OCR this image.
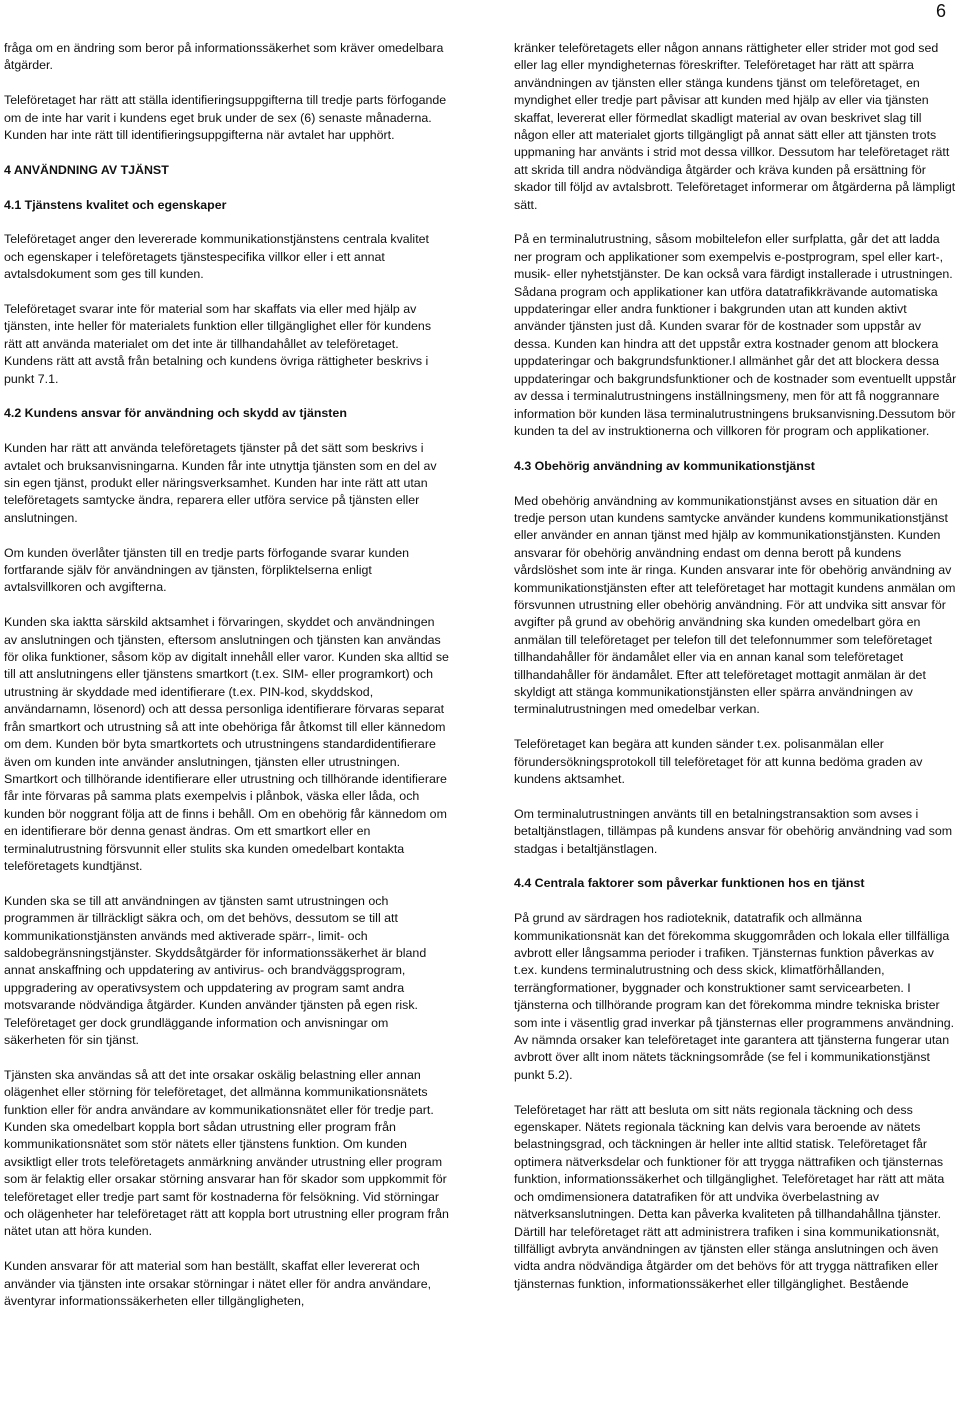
6

fråga om en ändring som beror på informationssäkerhet som kräver omedelbara åtgärder.

Teleföretaget har rätt att ställa identifieringsuppgifterna till tredje parts förfogande om de inte har varit i kundens eget bruk under de sex (6) senaste månaderna. Kunden har inte rätt till identifieringsuppgifterna när avtalet har upphört.

4 ANVÄNDNING AV TJÄNST
4.1 Tjänstens kvalitet och egenskaper

Teleföretaget anger den levererade kommunikationstjänstens centrala kvalitet och egenskaper i teleföretagets tjänstespecifika villkor eller i ett annat avtalsdokument som ges till kunden.

Teleföretaget svarar inte för material som har skaffats via eller med hjälp av tjänsten, inte heller för materialets funktion eller tillgänglighet eller för kundens rätt att använda materialet om det inte är tillhandahållet av teleföretaget. Kundens rätt att avstå från betalning och kundens övriga rättigheter beskrivs i punkt 7.1.

4.2 Kundens ansvar för användning och skydd av tjänsten

Kunden har rätt att använda teleföretagets tjänster på det sätt som beskrivs i avtalet och bruksanvisningarna. Kunden får inte utnyttja tjänsten som en del av sin egen tjänst, produkt eller näringsverksamhet. Kunden har inte rätt att utan teleföretagets samtycke ändra, reparera eller utföra service på tjänsten eller anslutningen.

Om kunden överlåter tjänsten till en tredje parts förfogande svarar kunden fortfarande själv för användningen av tjänsten, förpliktelserna enligt avtalsvillkoren och avgifterna.

Kunden ska iaktta särskild aktsamhet i förvaringen, skyddet och användningen av anslutningen och tjänsten, eftersom anslutningen och tjänsten kan användas för olika funktioner, såsom köp av digitalt innehåll eller varor. Kunden ska alltid se till att anslutningens eller tjänstens smartkort (t.ex. SIM- eller programkort) och utrustning är skyddade med identifierare (t.ex. PIN-kod, skyddskod, användarnamn, lösenord) och att dessa personliga identifierare förvaras separat från smartkort och utrustning så att inte obehöriga får åtkomst till eller kännedom om dem. Kunden bör byta smartkortets och utrustningens standardidentifierare även om kunden inte använder anslutningen, tjänsten eller utrustningen. Smartkort och tillhörande identifierare eller utrustning och tillhörande identifierare får inte förvaras på samma plats exempelvis i plånbok, väska eller låda, och kunden bör noggrant följa att de finns i behåll. Om en obehörig får kännedom om en identifierare bör denna genast ändras. Om ett smartkort eller en terminalutrustning försvunnit eller stulits ska kunden omedelbart kontakta teleföretagets kundtjänst.

Kunden ska se till att användningen av tjänsten samt utrustningen och programmen är tillräckligt säkra och, om det behövs, dessutom se till att kommunikationstjänsten används med aktiverade spärr-, limit- och saldobegränsningstjänster. Skyddsåtgärder för informationssäkerhet är bland annat anskaffning och uppdatering av antivirus- och brandväggsprogram, uppgradering av operativsystem och uppdatering av program samt andra motsvarande nödvändiga åtgärder. Kunden använder tjänsten på egen risk. Teleföretaget ger dock grundläggande information och anvisningar om säkerheten för sin tjänst.

Tjänsten ska användas så att det inte orsakar oskälig belastning eller annan olägenhet eller störning för teleföretaget, det allmänna kommunikationsnätets funktion eller för andra användare av kommunikationsnätet eller för tredje part. Kunden ska omedelbart koppla bort sådan utrustning eller program från kommunikationsnätet som stör nätets eller tjänstens funktion. Om kunden avsiktligt eller trots teleföretagets anmärkning använder utrustning eller program som är felaktig eller orsakar störning ansvarar han för skador som uppkommit för teleföretaget eller tredje part samt för kostnaderna för felsökning. Vid störningar och olägenheter har teleföretaget rätt att koppla bort utrustning eller program från nätet utan att höra kunden.

Kunden ansvarar för att material som han beställt, skaffat eller levererat och använder via tjänsten inte orsakar störningar i nätet eller för andra användare, äventyrar informationssäkerheten eller tillgängligheten,

kränker teleföretagets eller någon annans rättigheter eller strider mot god sed eller lag eller myndigheternas föreskrifter. Teleföretaget har rätt att spärra användningen av tjänsten eller stänga kundens tjänst om teleföretaget, en myndighet eller tredje part påvisar att kunden med hjälp av eller via tjänsten skaffat, levererat eller förmedlat skadligt material av ovan beskrivet slag till någon eller att materialet gjorts tillgängligt på annat sätt eller att tjänsten trots uppmaning har använts i strid mot dessa villkor. Dessutom har teleföretaget rätt att skrida till andra nödvändiga åtgärder och kräva kunden på ersättning för skador till följd av avtalsbrott. Teleföretaget informerar om åtgärderna på lämpligt sätt.

På en terminalutrustning, såsom mobiltelefon eller surfplatta, går det att ladda ner program och applikationer som exempelvis e-postprogram, spel eller kart-, musik- eller nyhetstjänster. De kan också vara färdigt installerade i utrustningen. Sådana program och applikationer kan utföra datatrafikkrävande automatiska uppdateringar eller andra funktioner i bakgrunden utan att kunden aktivt använder tjänsten just då. Kunden svarar för de kostnader som uppstår av dessa. Kunden kan hindra att det uppstår extra kostnader genom att blockera uppdateringar och bakgrundsfunktioner.I allmänhet går det att blockera dessa uppdateringar och bakgrundsfunktioner och de kostnader som eventuellt uppstår av dessa i terminalutrustningens inställningsmeny, men för att få noggrannare information bör kunden läsa terminalutrustningens bruksanvisning.Dessutom bör kunden ta del av instruktionerna och villkoren för program och applikationer.

4.3 Obehörig användning av kommunikationstjänst

Med obehörig användning av kommunikationstjänst avses en situation där en tredje person utan kundens samtycke använder kundens kommunikationstjänst eller använder en annan tjänst med hjälp av kommunikationstjänsten. Kunden ansvarar för obehörig användning endast om denna berott på kundens vårdslöshet som inte är ringa. Kunden ansvarar inte för obehörig användning av kommunikationstjänsten efter att teleföretaget har mottagit kundens anmälan om försvunnen utrustning eller obehörig användning. För att undvika sitt ansvar för avgifter på grund av obehörig användning ska kunden omedelbart göra en anmälan till teleföretaget per telefon till det telefonnummer som teleföretaget tillhandahåller för ändamålet eller via en annan kanal som teleföretaget tillhandahåller för ändamålet. Efter att teleföretaget mottagit anmälan är det skyldigt att stänga kommunikationstjänsten eller spärra användningen av terminalutrustningen med omedelbar verkan.

Teleföretaget kan begära att kunden sänder t.ex. polisanmälan eller förundersökningsprotokoll till teleföretaget för att kunna bedöma graden av kundens aktsamhet.

Om terminalutrustningen använts till en betalningstransaktion som avses i betaltjänstlagen, tillämpas på kundens ansvar för obehörig användning vad som stadgas i betaltjänstlagen.

4.4 Centrala faktorer som påverkar funktionen hos en tjänst

På grund av särdragen hos radioteknik, datatrafik och allmänna kommunikationsnät kan det förekomma skuggområden och lokala eller tillfälliga avbrott eller långsamma perioder i trafiken. Tjänsternas funktion påverkas av t.ex. kundens terminalutrustning och dess skick, klimatförhållanden, terrängformationer, byggnader och konstruktioner samt servicearbeten. I tjänsterna och tillhörande program kan det förekomma mindre tekniska brister som inte i väsentlig grad inverkar på tjänsternas eller programmens användning. Av nämnda orsaker kan teleföretaget inte garantera att tjänsterna fungerar utan avbrott över allt inom nätets täckningsområde (se fel i kommunikationstjänst punkt 5.2).

Teleföretaget har rätt att besluta om sitt näts regionala täckning och dess egenskaper. Nätets regionala täckning kan delvis vara beroende av nätets belastningsgrad, och täckningen är heller inte alltid statisk. Teleföretaget får optimera nätverksdelar och funktioner för att trygga nättrafiken och tjänsternas funktion, informationssäkerhet och tillgänglighet. Teleföretaget har rätt att mäta och omdimensionera datatrafiken för att undvika överbelastning av nätverksanslutningen. Detta kan påverka kvaliteten på tillhandahållna tjänster. Därtill har teleföretaget rätt att administrera trafiken i sina kommunikationsnät, tillfälligt avbryta användningen av tjänsten eller stänga anslutningen och även vidta andra nödvändiga åtgärder om det behövs för att trygga nättrafiken eller tjänsternas funktion, informationssäkerhet eller tillgänglighet. Bestående
